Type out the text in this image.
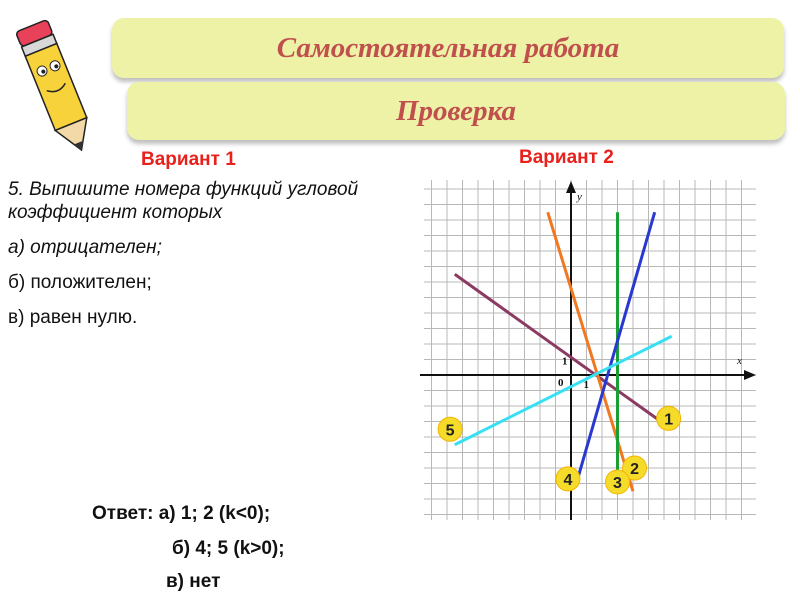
Самостоятельная работа
Проверка
Вариант 1	Вариант 2

5. Выпишите номера функций угловой коэффициент которых

а) отрицателен;

б) положителен;

в) равен нулю.

Ответ: а) 1; 2 (k<0);
б) 4; 5 (k>0);
в) нет
x
y
0 1
1
1
2
3
4
5
